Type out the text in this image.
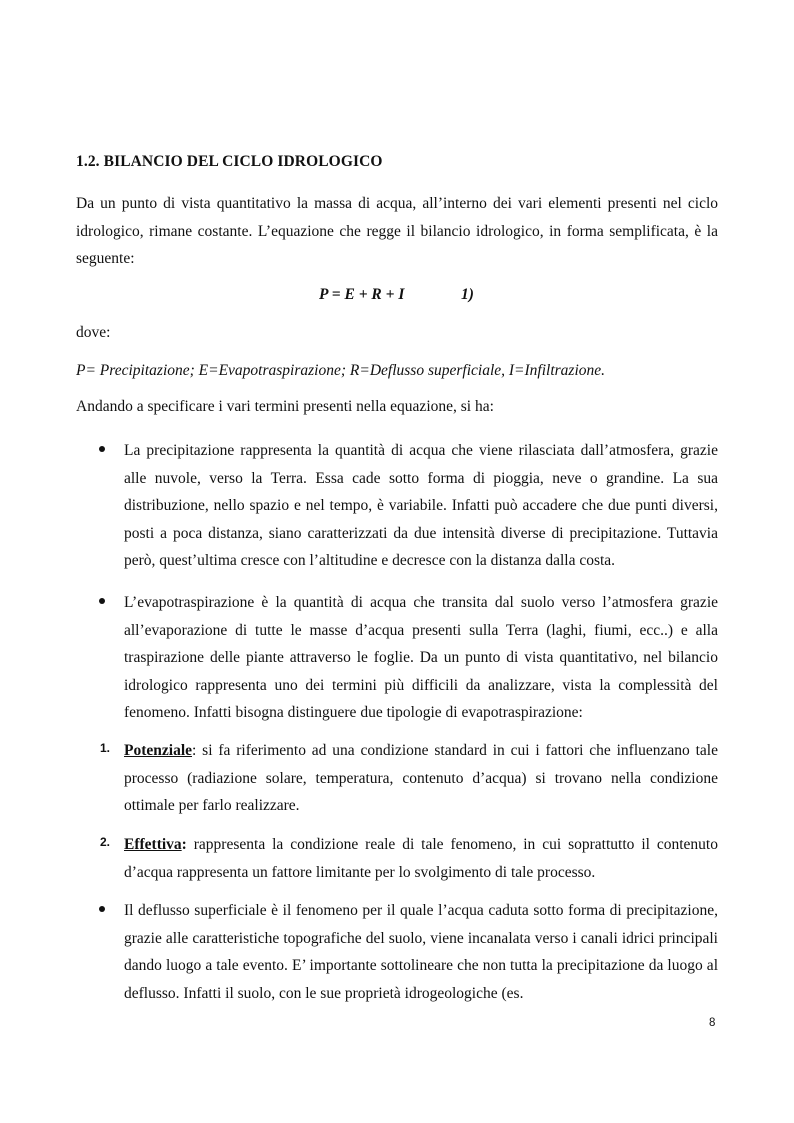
1.2. BILANCIO DEL CICLO IDROLOGICO

Da un punto di vista quantitativo la massa di acqua, all’interno dei vari elementi presenti nel ciclo idrologico, rimane costante. L’equazione che regge il bilancio idrologico, in forma semplificata, è la seguente:

P = E + R + I	1)
dove:
P= Precipitazione; E=Evapotraspirazione; R=Deflusso superficiale, I=Infiltrazione.
Andando a specificare i vari termini presenti nella equazione, si ha:

La precipitazione rappresenta la quantità di acqua che viene rilasciata dall’atmosfera, grazie alle nuvole, verso la Terra. Essa cade sotto forma di pioggia, neve o grandine. La sua distribuzione, nello spazio e nel tempo, è variabile. Infatti può accadere che due punti diversi, posti a poca distanza, siano caratterizzati da due intensità diverse di precipitazione. Tuttavia però, quest’ultima cresce con l’altitudine e decresce con la distanza dalla costa.

L’evapotraspirazione è la quantità di acqua che transita dal suolo verso l’atmosfera grazie all’evaporazione di tutte le masse d’acqua presenti sulla Terra (laghi, fiumi, ecc..) e alla traspirazione delle piante attraverso le foglie. Da un punto di vista quantitativo, nel bilancio idrologico rappresenta uno dei termini più difficili da analizzare, vista la complessità del fenomeno. Infatti bisogna distinguere due tipologie di evapotraspirazione:

1. Potenziale: si fa riferimento ad una condizione standard in cui i fattori che influenzano tale processo (radiazione solare, temperatura, contenuto d’acqua) si trovano nella condizione ottimale per farlo realizzare.

2. Effettiva: rappresenta la condizione reale di tale fenomeno, in cui soprattutto il contenuto d’acqua rappresenta un fattore limitante per lo svolgimento di tale processo.

Il deflusso superficiale è il fenomeno per il quale l’acqua caduta sotto forma di precipitazione, grazie alle caratteristiche topografiche del suolo, viene incanalata verso i canali idrici principali dando luogo a tale evento. E’ importante sottolineare che non tutta la precipitazione da luogo al deflusso. Infatti il suolo, con le sue proprietà idrogeologiche (es.

8
